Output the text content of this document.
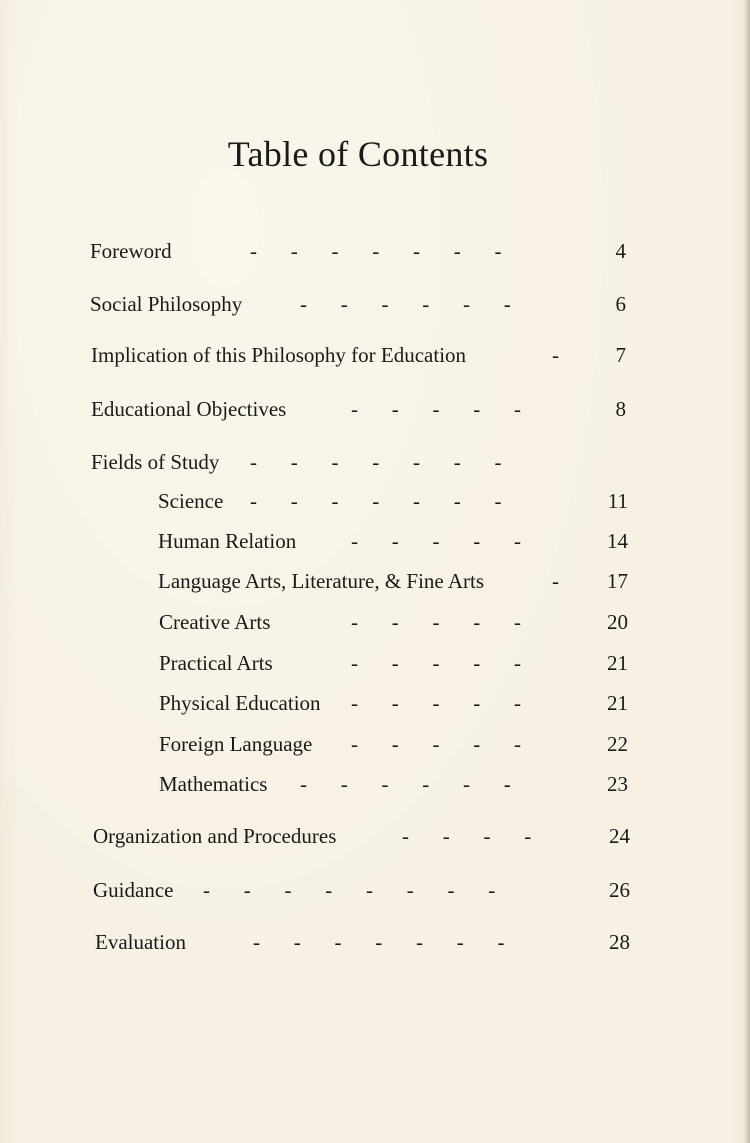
Table of Contents
Foreword	-   -   -   -   -   -   -	4
Social Philosophy	-   -   -   -   -   -	6
Implication of this Philosophy for Education	-	7
Educational Objectives	-   -   -   -   -	8
Fields of Study -   -   -   -   -   -   -
Science -   -   -   -   -   -   -	11
Human Relation	-   -   -   -   -	14
Language Arts, Literature, & Fine Arts	-	17
Creative Arts	-   -   -   -   -	20
Practical Arts	-   -   -   -   -	21
Physical Education -   -   -   -   -	21
Foreign Language -   -   -   -   -	22
Mathematics -   -   -   -   -   -	23
Organization and Procedures	-   -   -   -	24
Guidance -   -   -   -   -   -   -   -	26
Evaluation	-   -   -   -   -   -   -	28
